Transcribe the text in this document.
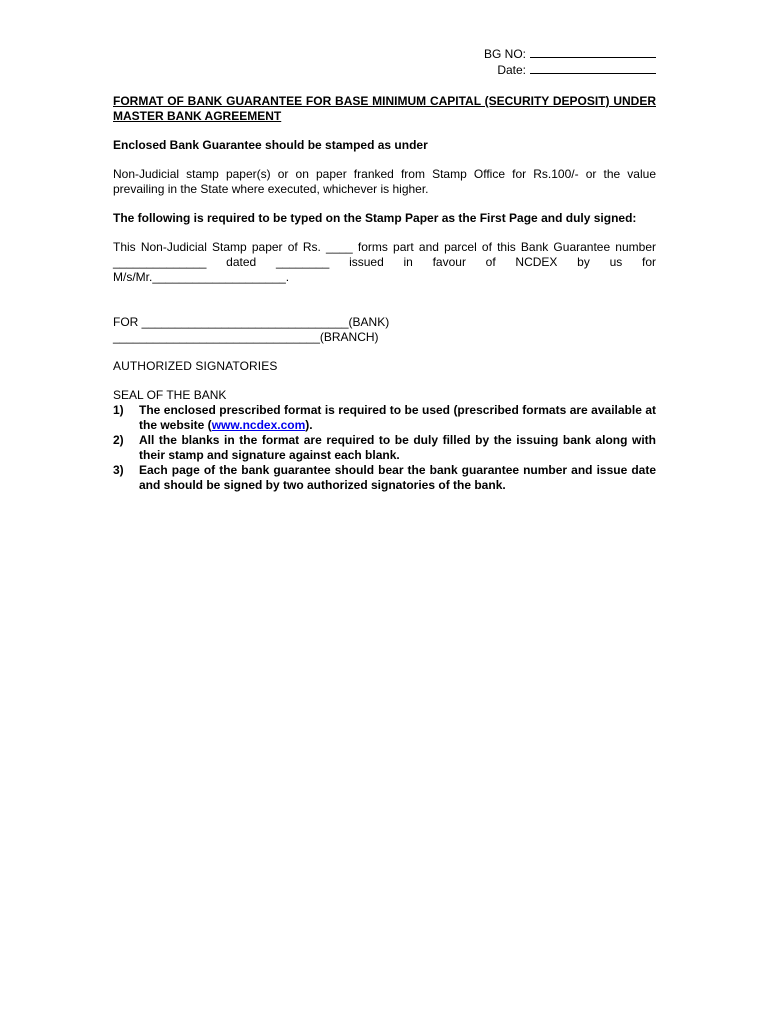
BG NO:
Date:

FORMAT OF BANK GUARANTEE FOR BASE MINIMUM CAPITAL (SECURITY DEPOSIT) UNDER MASTER BANK AGREEMENT

Enclosed Bank Guarantee should be stamped as under

Non-Judicial stamp paper(s) or on paper franked from Stamp Office for Rs.100/- or the value prevailing in the State where executed, whichever is higher.

The following is required to be typed on the Stamp Paper as the First Page and duly signed:

This Non-Judicial Stamp paper of Rs. ____ forms part and parcel of this Bank Guarantee number
______________ dated ________ issued in favour of NCDEX by us for
M/s/Mr.____________________.
FOR _______________________________(BANK)
_______________________________(BRANCH)

AUTHORIZED SIGNATORIES

SEAL OF THE BANK

1)	The enclosed prescribed format is required to be used (prescribed formats are available at the website (www.ncdex.com).
2)	All the blanks in the format are required to be duly filled by the issuing bank along with their stamp and signature against each blank.
3)	Each page of the bank guarantee should bear the bank guarantee number and issue date and should be signed by two authorized signatories of the bank.
